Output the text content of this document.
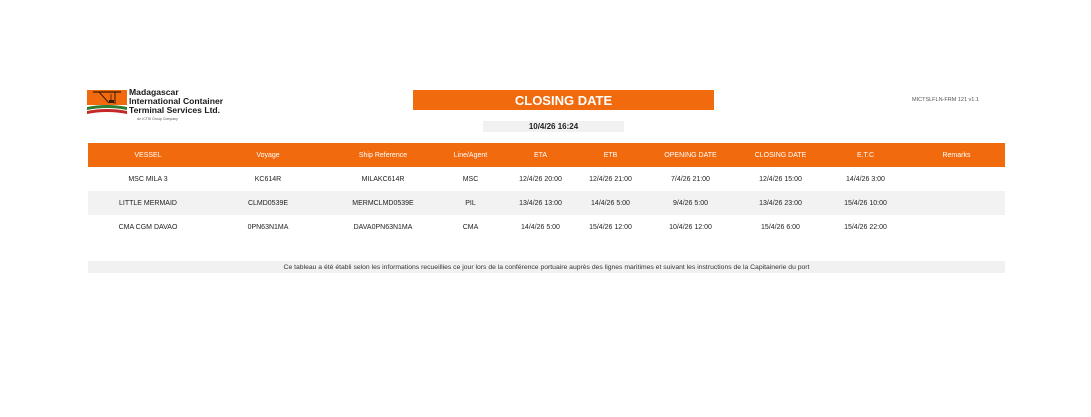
Madagascar
International Container
Terminal Services Ltd.
An ICTSI Group Company
CLOSING DATE
10/4/26 16:24
MICTSLFLN-FRM 121 v1.1
VESSEL	Voyage	Ship Reference	Line/Agent	ETA	ETB	OPENING DATE	CLOSING DATE	E.T.C	Remarks
MSC MILA 3	KC614R	MILAKC614R	MSC	12/4/26 20:00	12/4/26 21:00	7/4/26 21:00	12/4/26 15:00	14/4/26 3:00
LITTLE MERMAID	CLMD0539E	MERMCLMD0539E	PIL	13/4/26 13:00	14/4/26 5:00	9/4/26 5:00	13/4/26 23:00	15/4/26 10:00
CMA CGM DAVAO	0PN63N1MA	DAVA0PN63N1MA	CMA	14/4/26 5:00	15/4/26 12:00	10/4/26 12:00	15/4/26 6:00	15/4/26 22:00
Ce tableau a été établi selon les informations recueillies ce jour lors de la conférence portuaire auprès des lignes maritimes et suivant les instructions de la Capitainerie du port
